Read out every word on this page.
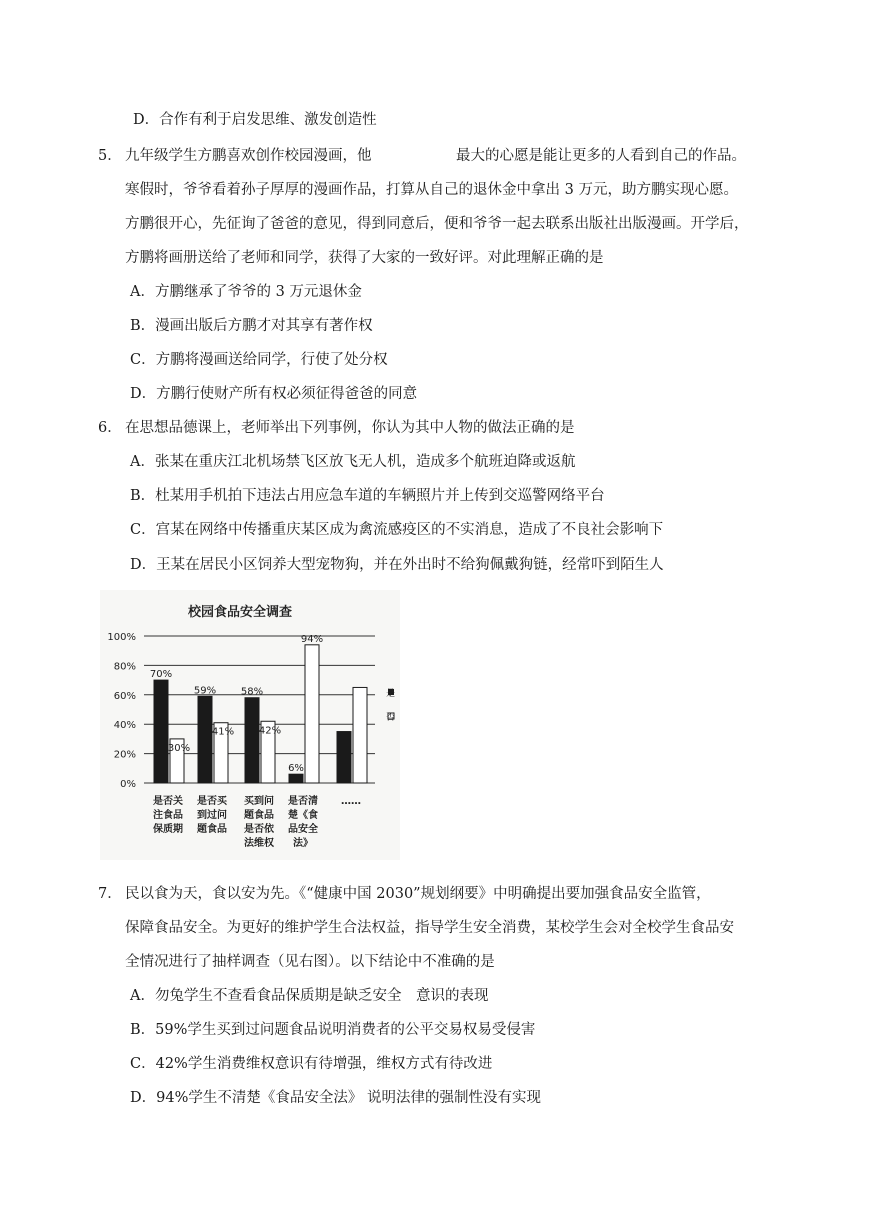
D．合作有利于启发思维、激发创造性
5． 九年级学生方鹏喜欢创作校园漫画，他	最大的心愿是能让更多的人看到自己的作品。
寒假时，爷爷看着孙子厚厚的漫画作品，打算从自己的退休金中拿出 3 万元，助方鹏实现心愿。
方鹏很开心，先征询了爸爸的意见，得到同意后，便和爷爷一起去联系出版社出版漫画。开学后，
方鹏将画册送给了老师和同学，获得了大家的一致好评。对此理解正确的是
A．方鹏继承了爷爷的 3 万元退休金
B．漫画出版后方鹏才对其享有著作权
C．方鹏将漫画送给同学，行使了处分权
D．方鹏行使财产所有权必须征得爸爸的同意
6． 在思想品德课上，老师举出下列事例，你认为其中人物的做法正确的是
A．张某在重庆江北机场禁飞区放飞无人机，造成多个航班迫降或返航
B．杜某用手机拍下违法占用应急车道的车辆照片并上传到交巡警网络平台
C．宫某在网络中传播重庆某区成为禽流感疫区的不实消息，造成了不良社会影响下
D．王某在居民小区饲养大型宠物狗，并在外出时不给狗佩戴狗链，经常吓到陌生人
校园食品安全调查
0%
20%
40%
60%
80%
100%
70%
30%
是否关
注食品
保质期
59%
41%
是否买
到过问
题食品
58%
42%
买到问
题食品
是否依
法维权
6%
94%
是否清
楚《食
品安全
法》
……
是
否
7． 民以食为天，食以安为先。《“健康中国 2030”规划纲要》中明确提出要加强食品安全监管，
保障食品安全。为更好的维护学生合法权益，指导学生安全消费，某校学生会对全校学生食品安
全情况进行了抽样调查（见右图）。以下结论中不准确的是
A．勿兔学生不查看食品保质期是缺乏安全　意识的表现
B．59%学生买到过问题食品说明消费者的公平交易权易受侵害
C．42%学生消费维权意识有待增强，维权方式有待改进
D．94%学生不清楚《食品安全法》 说明法律的强制性没有实现
